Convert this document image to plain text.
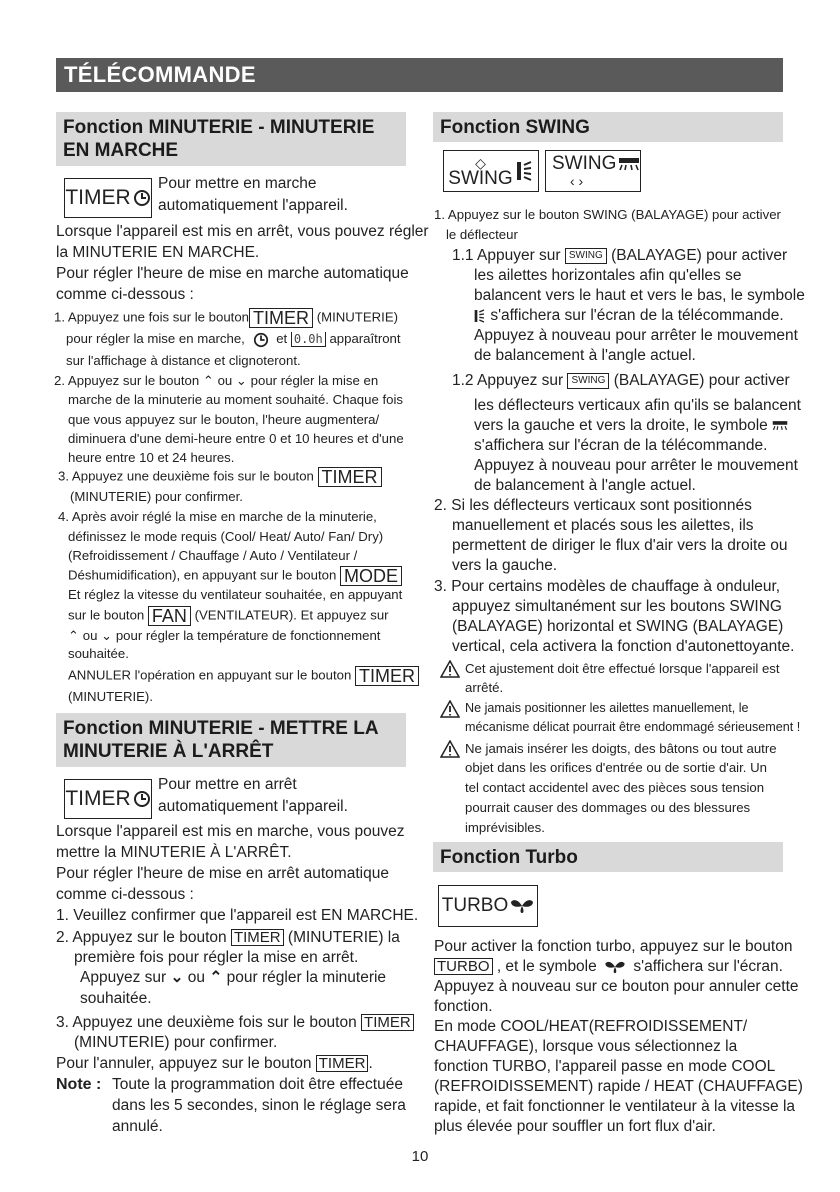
TÉLÉCOMMANDE
Fonction MINUTERIE - MINUTERIE
EN MARCHE
TIMER
Pour mettre en marche
automatiquement l'appareil.
Lorsque l'appareil est mis en arrêt, vous pouvez régler
la MINUTERIE EN MARCHE.
Pour régler l'heure de mise en marche automatique
comme ci-dessous :
1. Appuyez une fois sur le bouton TIMER (MINUTERIE)
pour régler la mise en marche, et 0.0h apparaîtront
sur l'affichage à distance et clignoteront.
2. Appuyez sur le bouton ⌃ ou ⌄ pour régler la mise en
marche de la minuterie au moment souhaité. Chaque fois
que vous appuyez sur le bouton, l'heure augmentera/
diminuera d'une demi-heure entre 0 et 10 heures et d'une
heure entre 10 et 24 heures.
3. Appuyez une deuxième fois sur le bouton TIMER
(MINUTERIE) pour confirmer.
4. Après avoir réglé la mise en marche de la minuterie,
définissez le mode requis (Cool/ Heat/ Auto/ Fan/ Dry)
(Refroidissement / Chauffage / Auto / Ventilateur /
Déshumidification), en appuyant sur le bouton MODE
Et réglez la vitesse du ventilateur souhaitée, en appuyant
sur le bouton FAN (VENTILATEUR). Et appuyez sur
⌃ ou ⌄ pour régler la température de fonctionnement
souhaitée.
ANNULER l'opération en appuyant sur le bouton TIMER
(MINUTERIE).
Fonction MINUTERIE - METTRE LA
MINUTERIE À L'ARRÊT
TIMER
Pour mettre en arrêt
automatiquement l'appareil.
Lorsque l'appareil est mis en marche, vous pouvez
mettre la MINUTERIE À L'ARRÊT.
Pour régler l'heure de mise en arrêt automatique
comme ci-dessous :
1. Veuillez confirmer que l'appareil est EN MARCHE.
2. Appuyez sur le bouton TIMER (MINUTERIE) la
première fois pour régler la mise en arrêt.
Appuyez sur ⌄ ou ⌃ pour régler la minuterie
souhaitée.
3. Appuyez une deuxième fois sur le bouton TIMER
(MINUTERIE) pour confirmer.
Pour l'annuler, appuyez sur le bouton TIMER .
Note : Toute la programmation doit être effectuée
dans les 5 secondes, sinon le réglage sera
annulé.
Fonction SWING
◇
SWING
SWING
‹ ›
1. Appuyez sur le bouton SWING (BALAYAGE) pour activer
le déflecteur
1.1 Appuyer sur SWING (BALAYAGE) pour activer
les ailettes horizontales afin qu'elles se
balancent vers le haut et vers le bas, le symbole
s'affichera sur l'écran de la télécommande.
Appuyez à nouveau pour arrêter le mouvement
de balancement à l'angle actuel.
1.2 Appuyez sur SWING (BALAYAGE) pour activer
les déflecteurs verticaux afin qu'ils se balancent
vers la gauche et vers la droite, le symbole
s'affichera sur l'écran de la télécommande.
Appuyez à nouveau pour arrêter le mouvement
de balancement à l'angle actuel.
2. Si les déflecteurs verticaux sont positionnés
manuellement et placés sous les ailettes, ils
permettent de diriger le flux d'air vers la droite ou
vers la gauche.
3. Pour certains modèles de chauffage à onduleur,
appuyez simultanément sur les boutons SWING
(BALAYAGE) horizontal et SWING (BALAYAGE)
vertical, cela activera la fonction d'autonettoyante.
Cet ajustement doit être effectué lorsque l'appareil est
arrêté.
Ne jamais positionner les ailettes manuellement, le
mécanisme délicat pourrait être endommagé sérieusement !
Ne jamais insérer les doigts, des bâtons ou tout autre
objet dans les orifices d'entrée ou de sortie d'air. Un
tel contact accidentel avec des pièces sous tension
pourrait causer des dommages ou des blessures
imprévisibles.
Fonction Turbo
TURBO
Pour activer la fonction turbo, appuyez sur le bouton
TURBO , et le symbole s'affichera sur l'écran.
Appuyez à nouveau sur ce bouton pour annuler cette
fonction.
En mode COOL/HEAT(REFROIDISSEMENT/
CHAUFFAGE), lorsque vous sélectionnez la
fonction TURBO, l'appareil passe en mode COOL
(REFROIDISSEMENT) rapide / HEAT (CHAUFFAGE)
rapide, et fait fonctionner le ventilateur à la vitesse la
plus élevée pour souffler un fort flux d'air.
10
